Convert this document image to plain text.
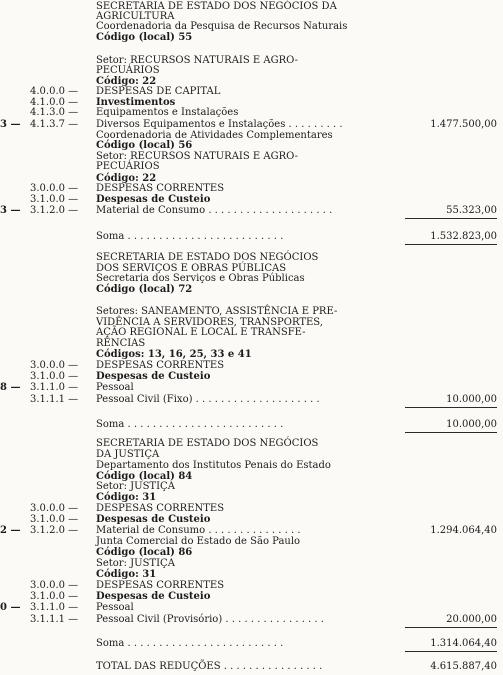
SECRETARIA DE ESTADO DOS NEGÓCIOS DA
AGRICULTURA
Coordenadoria da Pesquisa de Recursos Naturais
Código (local) 55
Setor: RECURSOS NATURAIS E AGRO-
PECUÁRIOS
Código: 22
4.0.0.0 —	DESPESAS DE CAPITAL
4.1.0.0 —	Investimentos
4.1.3.0 —	Equipamentos e Instalações
3 — 4.1.3.7 —	Diversos Equipamentos e Instalações . . . . . . . . .	1.477.500,00
Coordenadoria de Atividades Complementares
Código (local) 56
Setor: RECURSOS NATURAIS E AGRO-
PECUÁRIOS
Código: 22
3.0.0.0 —	DESPESAS CORRENTES
3.1.0.0 —	Despesas de Custeio
3 — 3.1.2.0 —	Material de Consumo . . . . . . . . . . . . . . . . . . . .	55.323,00
Soma . . . . . . . . . . . . . . . . . . . . . . . . .	1.532.823,00
SECRETARIA DE ESTADO DOS NEGÓCIOS
DOS SERVIÇOS E OBRAS PÚBLICAS
Secretaria dos Serviços e Obras Públicas
Código (local) 72
Setores: SANEAMENTO, ASSISTÊNCIA E PRE-
VIDÊNCIA A SERVIDORES, TRANSPORTES,
AÇÃO REGIONAL E LOCAL E TRANSFE-
RÊNCIAS
Códigos: 13, 16, 25, 33 e 41
3.0.0.0 —	DESPESAS CORRENTES
3.1.0.0 —	Despesas de Custeio
8 — 3.1.1.0 —	Pessoal
3.1.1.1 —	Pessoal Civil (Fixo) . . . . . . . . . . . . . . . . . . . .	10.000,00
Soma . . . . . . . . . . . . . . . . . . . . . . . . .	10.000,00
SECRETARIA DE ESTADO DOS NEGÓCIOS
DA JUSTIÇA
Departamento dos Institutos Penais do Estado
Código (local) 84
Setor: JUSTIÇA
Código: 31
3.0.0.0 —	DESPESAS CORRENTES
3.1.0.0 —	Despesas de Custeio
2 — 3.1.2.0 —	Material de Consumo . . . . . . . . . . . . . . .	1.294.064,40
Junta Comercial do Estado de São Paulo
Código (local) 86
Setor: JUSTIÇA
Código: 31
3.0.0.0 —	DESPESAS CORRENTES
3.1.0.0 —	Despesas de Custeio
0 — 3.1.1.0 —	Pessoal
3.1.1.1 —	Pessoal Civil (Provisório) . . . . . . . . . . . . . . . .	20.000,00
Soma . . . . . . . . . . . . . . . . . . . . . . . . .	1.314.064,40
TOTAL DAS REDUÇÕES . . . . . . . . . . . . . . . .	4.615.887,40
